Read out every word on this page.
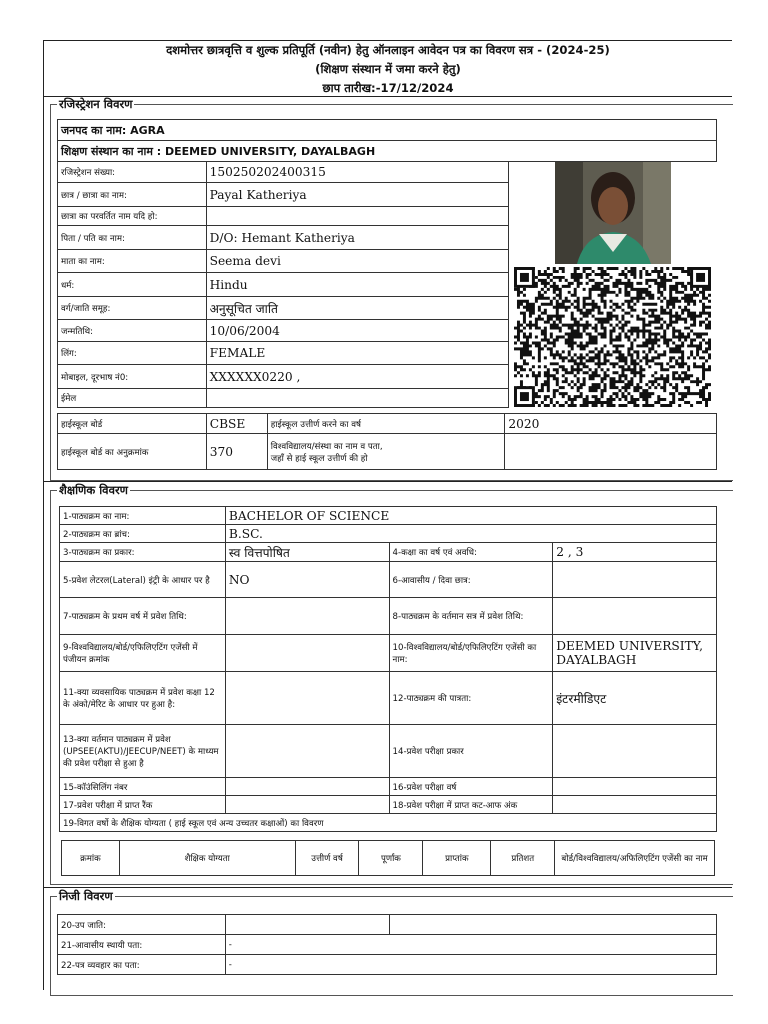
दशमोत्तर छात्रवृत्ति व शुल्क प्रतिपूर्ति (नवीन) हेतु ऑनलाइन आवेदन पत्र का विवरण सत्र - (2024-25)
(शिक्षण संस्थान में जमा करने हेतु)
छाप तारीख:-17/12/2024
रजिस्ट्रेशन विवरण
जनपद का नाम: AGRA
शिक्षण संस्थान का नाम : DEEMED UNIVERSITY, DAYALBAGH
रजिस्ट्रेशन संख्या:	150250202400315
छात्र / छात्रा का नाम:	Payal Katheriya
छात्रा का परवर्तित नाम यदि हो:	
पिता / पति का नाम:	D/O: Hemant Katheriya
माता का नाम:	Seema devi
धर्म:	Hindu
वर्ग/जाति समूह:	अनुसूचित जाति
जन्मतिथि:	10/06/2004
लिंग:	FEMALE
मोबाइल, दूरभाष नं0:	XXXXXX0220 ,
ईमेल	
हाईस्कूल बोर्ड	CBSE	हाईस्कूल उत्तीर्ण करने का वर्ष	2020
हाईस्कूल बोर्ड का अनुक्रमांक	370	विश्वविद्यालय/संस्था का नाम व पता,
जहाँ से हाई स्कूल उत्तीर्ण की हो	

शैक्षणिक विवरण
1-पाठ्यक्रम का नाम:	BACHELOR OF SCIENCE		
2-पाठ्यक्रम का ब्रांच:	B.SC.		
3-पाठ्यक्रम का प्रकार:	स्व वित्तपोषित	4-कक्षा का वर्ष एवं अवधि:	2 , 3
5-प्रवेश लेटरल(Lateral) इंट्री के आधार पर है	NO	6-आवासीय / दिवा छात्र:	
7-पाठ्यक्रम के प्रथम वर्ष में प्रवेश तिथि:		8-पाठ्यक्रम के वर्तमान सत्र में प्रवेश तिथि:	
9-विश्वविद्यालय/बोर्ड/एफिलिएटिंग एजेंसी में पंजीयन क्रमांक		10-विश्वविद्यालय/बोर्ड/एफिलिएटिंग एजेंसी का नाम:	DEEMED UNIVERSITY, DAYALBAGH
11-क्या व्यवसायिक पाठ्यक्रम में प्रवेश कक्षा 12 के अंको/मेरिट के आधार पर हुआ है:		12-पाठ्यक्रम की पात्रता:	इंटरमीडिएट
13-क्या वर्तमान पाठ्यक्रम में प्रवेश (UPSEE(AKTU)/JEECUP/NEET) के माध्यम की प्रवेश परीक्षा से हुआ है		14-प्रवेश परीक्षा प्रकार	
15-कॉउंसिलिंग नंबर		16-प्रवेश परीक्षा वर्ष	
17-प्रवेश परीक्षा में प्राप्त रैंक		18-प्रवेश परीक्षा में प्राप्त कट-आफ अंक	
19-विगत वर्षो के शैक्षिक योग्यता ( हाई स्कूल एवं अन्य उच्चतर कक्षाओं) का विवरण			
क्रमांक	शैक्षिक योग्यता	उत्तीर्ण वर्ष	पूर्णांक	प्राप्तांक	प्रतिशत	बोर्ड/विश्वविद्यालय/अफिलिएटिंग एजेंसी का नाम
निजी विवरण
20-उप जाति:		
21-आवासीय स्थायी पता:	-	
22-पत्र व्यवहार का पता:	-	
